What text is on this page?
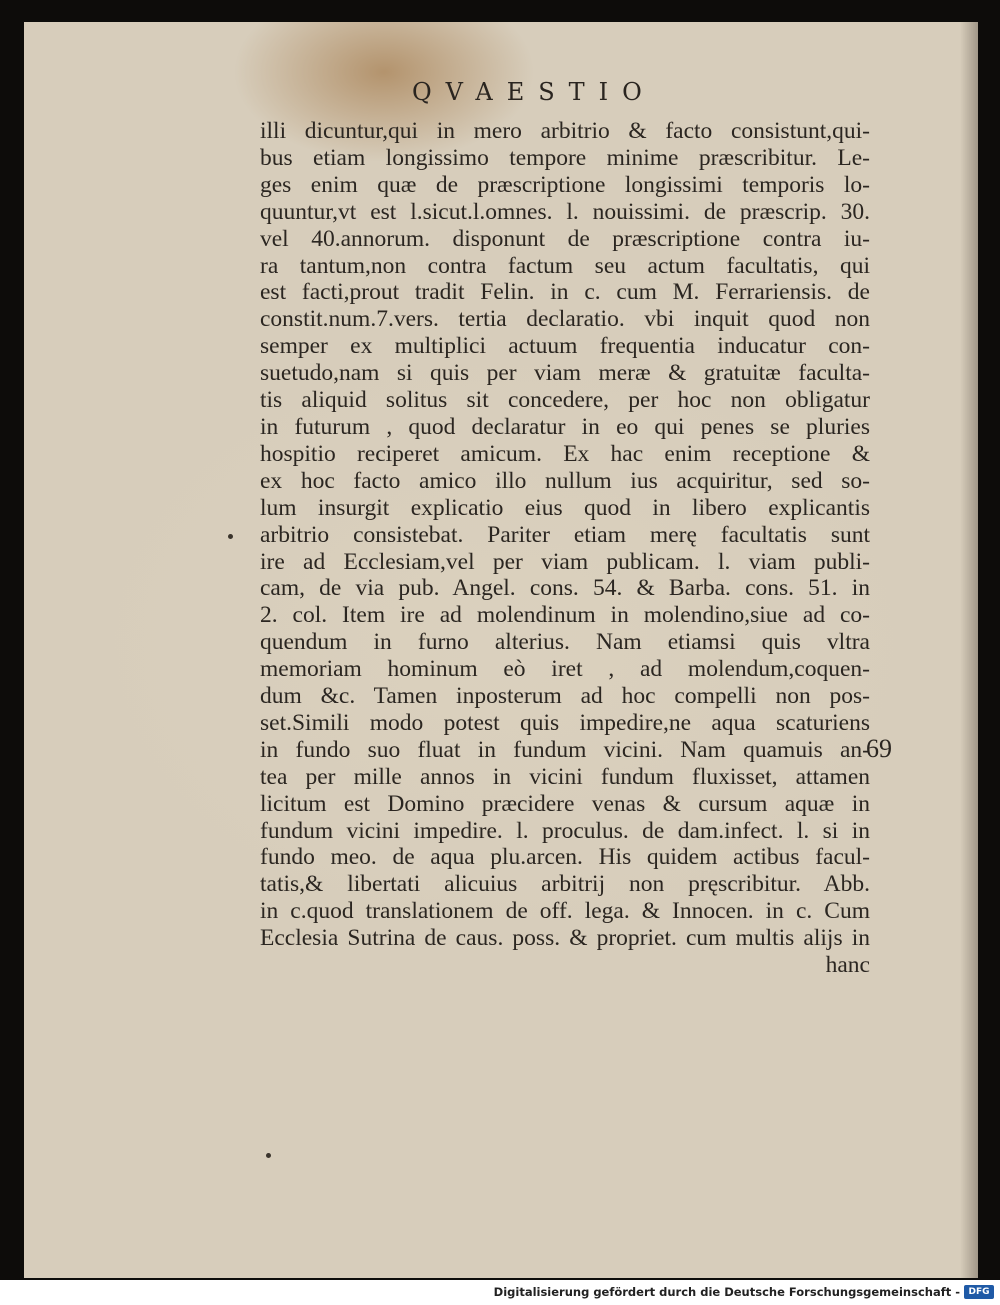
QVAESTIO
illi dicuntur,qui in mero arbitrio & facto consistunt,qui-
bus etiam longissimo tempore minime præscribitur. Le-
ges enim quæ de præscriptione longissimi temporis lo-
quuntur,vt est l.sicut.l.omnes. l. nouissimi. de præscrip. 30.
vel 40.annorum. disponunt de præscriptione contra iu-
ra tantum,non contra factum seu actum facultatis, qui
est facti,prout tradit Felin. in c. cum M. Ferrariensis. de
constit.num.7.vers. tertia declaratio. vbi inquit quod non
semper ex multiplici actuum frequentia inducatur con-
suetudo,nam si quis per viam meræ & gratuitæ faculta-
tis aliquid solitus sit concedere, per hoc non obligatur
in futurum , quod declaratur in eo qui penes se pluries
hospitio reciperet amicum. Ex hac enim receptione &
ex hoc facto amico illo nullum ius acquiritur, sed so-
lum insurgit explicatio eius quod in libero explicantis
arbitrio consistebat. Pariter etiam merę facultatis sunt
ire ad Ecclesiam,vel per viam publicam. l. viam publi-
cam, de via pub. Angel. cons. 54. & Barba. cons. 51. in
2. col. Item ire ad molendinum in molendino,siue ad co-
quendum in furno alterius. Nam etiamsi quis vltra
memoriam hominum eò iret , ad molendum,coquen-
dum &c. Tamen inposterum ad hoc compelli non pos-
set.Simili modo potest quis impedire,ne aqua scaturiens
in fundo suo fluat in fundum vicini. Nam quamuis an-
tea per mille annos in vicini fundum fluxisset, attamen
licitum est Domino præcidere venas & cursum aquæ in
fundum vicini impedire. l. proculus. de dam.infect. l. si in
fundo meo. de aqua plu.arcen. His quidem actibus facul-
tatis,& libertati alicuius arbitrij non pręscribitur. Abb.
in c.quod translationem de off. lega. & Innocen. in c. Cum
Ecclesia Sutrina de caus. poss. & propriet. cum multis alijs in
hanc
69
Digitalisierung gefördert durch die Deutsche Forschungsgemeinschaft - DFG
